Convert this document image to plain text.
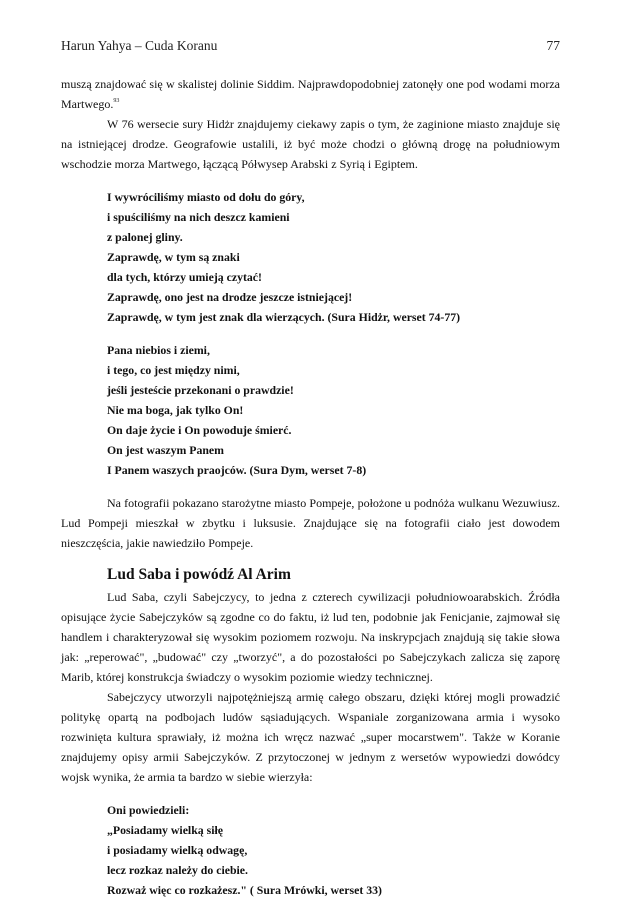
Harun Yahya – Cuda Koranu	77

muszą znajdować się w skalistej dolinie Siddim. Najprawdopodobniej zatonęły one pod wodami morza Martwego.$^{93}$

W 76 wersecie sury Hidżr znajdujemy ciekawy zapis o tym, że zaginione miasto znajduje się na istniejącej drodze. Geografowie ustalili, iż być może chodzi o główną drogę na południowym wschodzie morza Martwego, łączącą Półwysep Arabski z Syrią i Egiptem.

I wywróciliśmy miasto od dołu do góry,
i spuściliśmy na nich deszcz kamieni
z palonej gliny.
Zaprawdę, w tym są znaki
dla tych, którzy umieją czytać!
Zaprawdę, ono jest na drodze jeszcze istniejącej!
Zaprawdę, w tym jest znak dla wierzących. (Sura Hidżr, werset 74-77)
Pana niebios i ziemi,
i tego, co jest między nimi,
jeśli jesteście przekonani o prawdzie!
Nie ma boga, jak tylko On!
On daje życie i On powoduje śmierć.
On jest waszym Panem
I Panem waszych praojców. (Sura Dym, werset 7-8)

Na fotografii pokazano starożytne miasto Pompeje, położone u podnóża wulkanu Wezuwiusz. Lud Pompeji mieszkał w zbytku i luksusie. Znajdujące się na fotografii ciało jest dowodem nieszczęścia, jakie nawiedziło Pompeje.

Lud Saba i powódź Al Arim

Lud Saba, czyli Sabejczycy, to jedna z czterech cywilizacji południowoarabskich. Źródła opisujące życie Sabejczyków są zgodne co do faktu, iż lud ten, podobnie jak Fenicjanie, zajmował się handlem i charakteryzował się wysokim poziomem rozwoju. Na inskrypcjach znajdują się takie słowa jak: „reperować", „budować" czy „tworzyć", a do pozostałości po Sabejczykach zalicza się zaporę Marib, której konstrukcja świadczy o wysokim poziomie wiedzy technicznej.

Sabejczycy utworzyli najpotężniejszą armię całego obszaru, dzięki której mogli prowadzić politykę opartą na podbojach ludów sąsiadujących. Wspaniale zorganizowana armia i wysoko rozwinięta kultura sprawiały, iż można ich wręcz nazwać „super mocarstwem". Także w Koranie znajdujemy opisy armii Sabejczyków. Z przytoczonej w jednym z wersetów wypowiedzi dowódcy wojsk wynika, że armia ta bardzo w siebie wierzyła:

Oni powiedzieli:
„Posiadamy wielką siłę
i posiadamy wielką odwagę,
lecz rozkaz należy do ciebie.
Rozważ więc co rozkażesz." ( Sura Mrówki, werset 33)
